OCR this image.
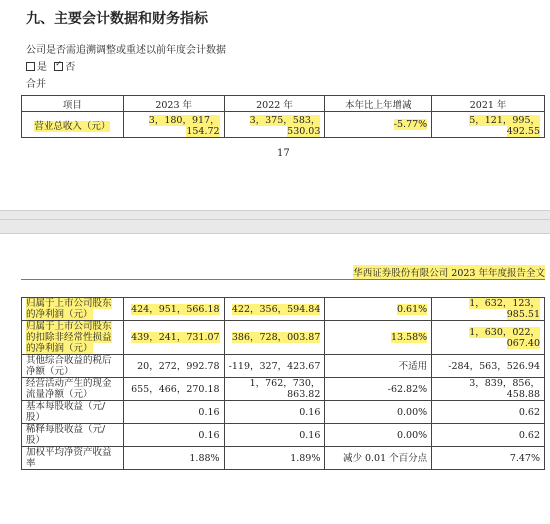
九、主要会计数据和财务指标
公司是否需追溯调整或重述以前年度会计数据
是 ✓ 否
合并
项目	2023 年	2022 年	本年比上年增减	2021 年
营业总收入（元）	3，180，917，154.72	3，375，583，530.03	-5.77%	5，121，995，492.55
17
华西证券股份有限公司 2023 年年度报告全文
归属于上市公司股东的净利润（元）	424，951，566.18	422，356，594.84	0.61%	1，632，123，985.51
归属于上市公司股东的扣除非经常性损益的净利润（元）	439，241，731.07	386，728，003.87	13.58%	1，630，022，067.40
其他综合收益的税后净额（元）	20，272，992.78	-119，327，423.67	不适用	-284，563，526.94
经营活动产生的现金流量净额（元）	655，466，270.18	1，762，730，863.82	-62.82%	3，839，856，458.88
基本每股收益（元/股）	0.16	0.16	0.00%	0.62
稀释每股收益（元/股）	0.16	0.16	0.00%	0.62
加权平均净资产收益率	1.88%	1.89%	减少 0.01 个百分点	7.47%
